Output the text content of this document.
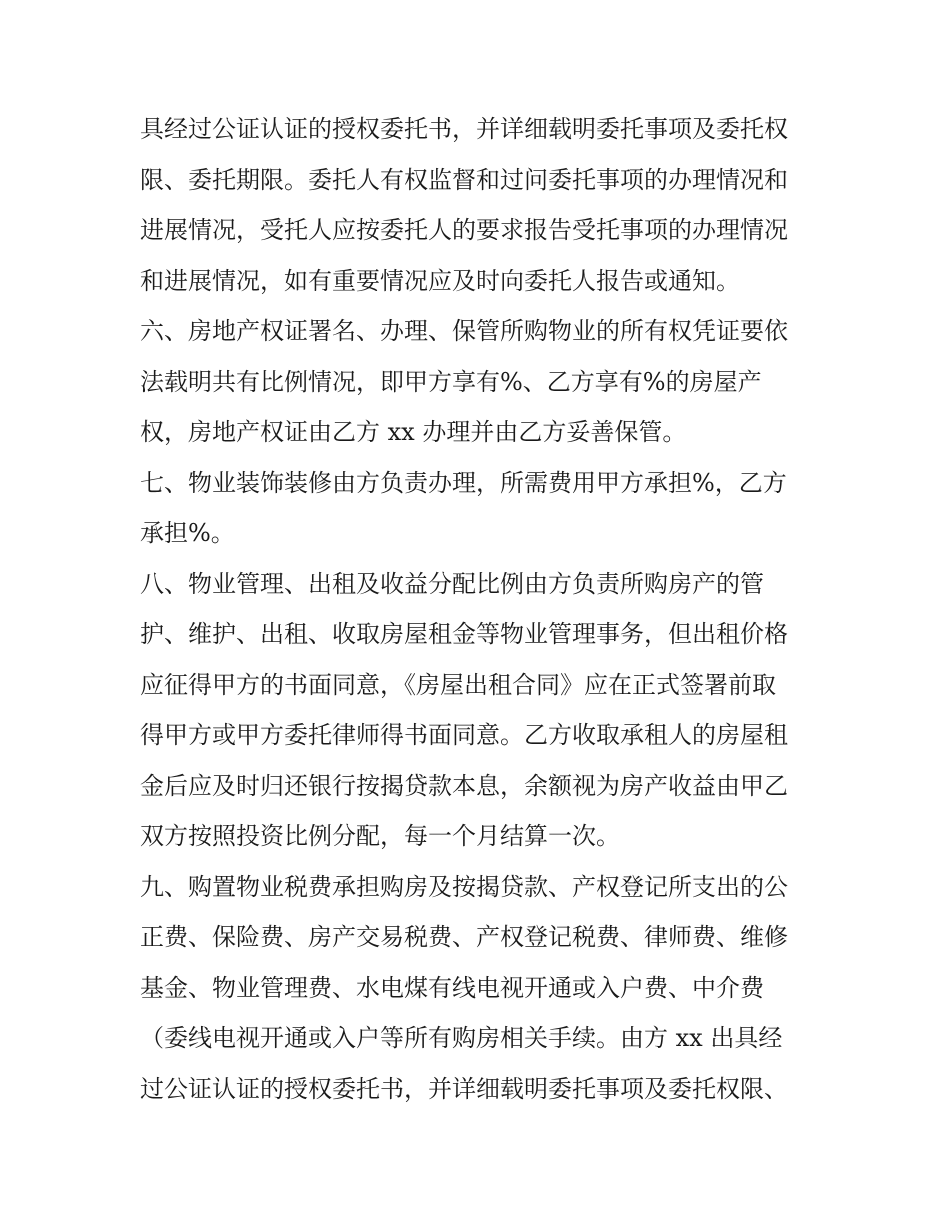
具经过公证认证的授权委托书，并详细载明委托事项及委托权
限、委托期限。委托人有权监督和过问委托事项的办理情况和
进展情况，受托人应按委托人的要求报告受托事项的办理情况
和进展情况，如有重要情况应及时向委托人报告或通知。
六、房地产权证署名、办理、保管所购物业的所有权凭证要依
法载明共有比例情况，即甲方享有%、乙方享有%的房屋产
权，房地产权证由乙方 xx 办理并由乙方妥善保管。
七、物业装饰装修由方负责办理，所需费用甲方承担%，乙方
承担%。
八、物业管理、出租及收益分配比例由方负责所购房产的管
护、维护、出租、收取房屋租金等物业管理事务，但出租价格
应征得甲方的书面同意，《房屋出租合同》应在正式签署前取
得甲方或甲方委托律师得书面同意。乙方收取承租人的房屋租
金后应及时归还银行按揭贷款本息，余额视为房产收益由甲乙
双方按照投资比例分配，每一个月结算一次。
九、购置物业税费承担购房及按揭贷款、产权登记所支出的公
正费、保险费、房产交易税费、产权登记税费、律师费、维修
基金、物业管理费、水电煤有线电视开通或入户费、中介费
（委线电视开通或入户等所有购房相关手续。由方 xx 出具经
过公证认证的授权委托书，并详细载明委托事项及委托权限、
